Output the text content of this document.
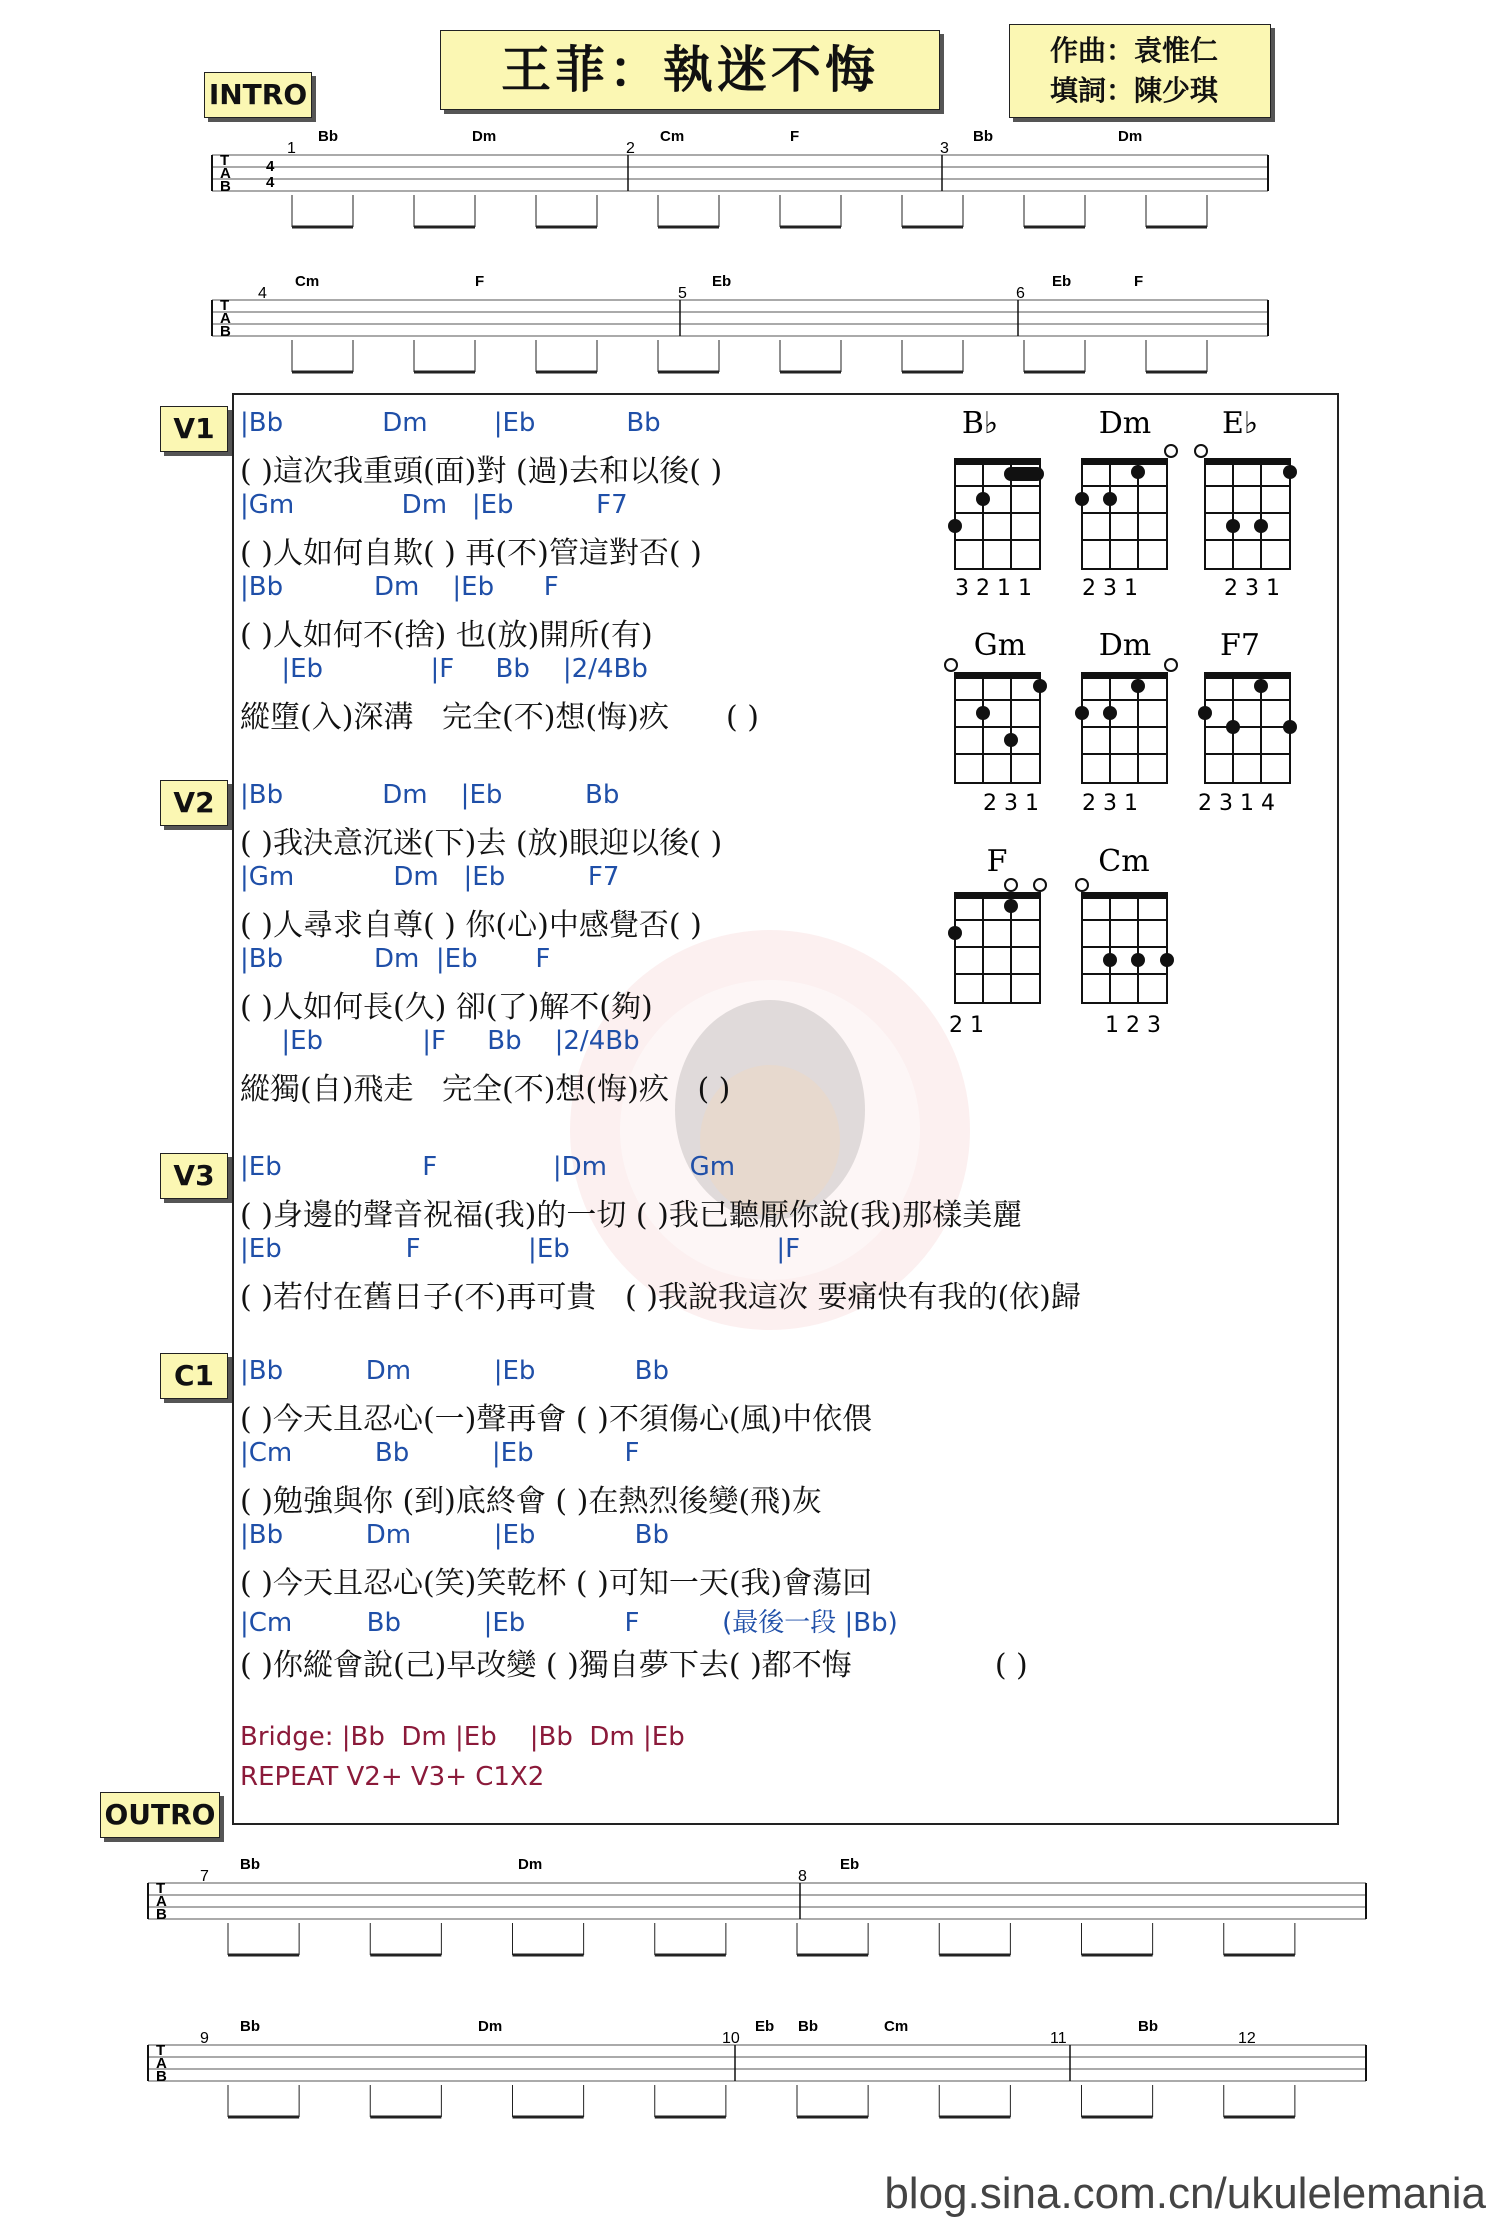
王菲：執迷不悔	作曲：袁惟仁
填詞：陳少琪
INTRO
V1
V2
V3
C1
OUTRO
|Bb            Dm        |Eb           Bb
( )這次我重頭(面)對 (過)去和以後( )
|Gm             Dm   |Eb          F7
( )人如何自欺( ) 再(不)管這對否( )
|Bb           Dm    |Eb      F
( )人如何不(捨) 也(放)開所(有)
|Eb             |F     Bb    |2/4Bb
縱墮(入)深溝   完全(不)想(悔)疚      ( )
|Bb            Dm    |Eb          Bb
( )我決意沉迷(下)去 (放)眼迎以後( )
|Gm            Dm   |Eb          F7
( )人尋求自尊( ) 你(心)中感覺否( )
|Bb           Dm  |Eb       F
( )人如何長(久) 卻(了)解不(夠)
|Eb            |F     Bb    |2/4Bb
縱獨(自)飛走   完全(不)想(悔)疚   ( )
|Eb                 F              |Dm          Gm
( )身邊的聲音祝福(我)的一切 ( )我已聽厭你說(我)那樣美麗
|Eb               F             |Eb                         |F
( )若付在舊日子(不)再可貴   ( )我說我這次 要痛快有我的(依)歸
|Bb          Dm          |Eb            Bb
( )今天且忍心(一)聲再會 ( )不須傷心(風)中依偎
|Cm          Bb          |Eb           F
( )勉強與你 (到)底終會 ( )在熱烈後變(飛)灰
|Bb          Dm          |Eb            Bb
( )今天且忍心(笑)笑乾杯 ( )可知一天(我)會蕩回
|Cm         Bb          |Eb            F          (最後一段 |Bb)
( )你縱會說(己)早改變 ( )獨自夢下去( )都不悔               ( )
Bridge: |Bb  Dm |Eb    |Bb  Dm |Eb
REPEAT V2+ V3+ C1X2
B♭
3 2 1 1
Dm
2 3 1
E♭
2 3 1
Gm
2 3 1
Dm
2 3 1
F7
2 3 1 4
F
2 1
Cm
1 2 3
T
A
B
4
4
Bb	Dm	Cm	F	Bb	Dm
1	2	3
T
A
B
Cm	F	Eb	Eb	F
4	5	6
T
A
B
Bb	Dm	Eb
7	8
T
A
B
Bb	Dm	Eb Bb	Cm	Bb
9	10	11	12
blog.sina.com.cn/ukulelemania
